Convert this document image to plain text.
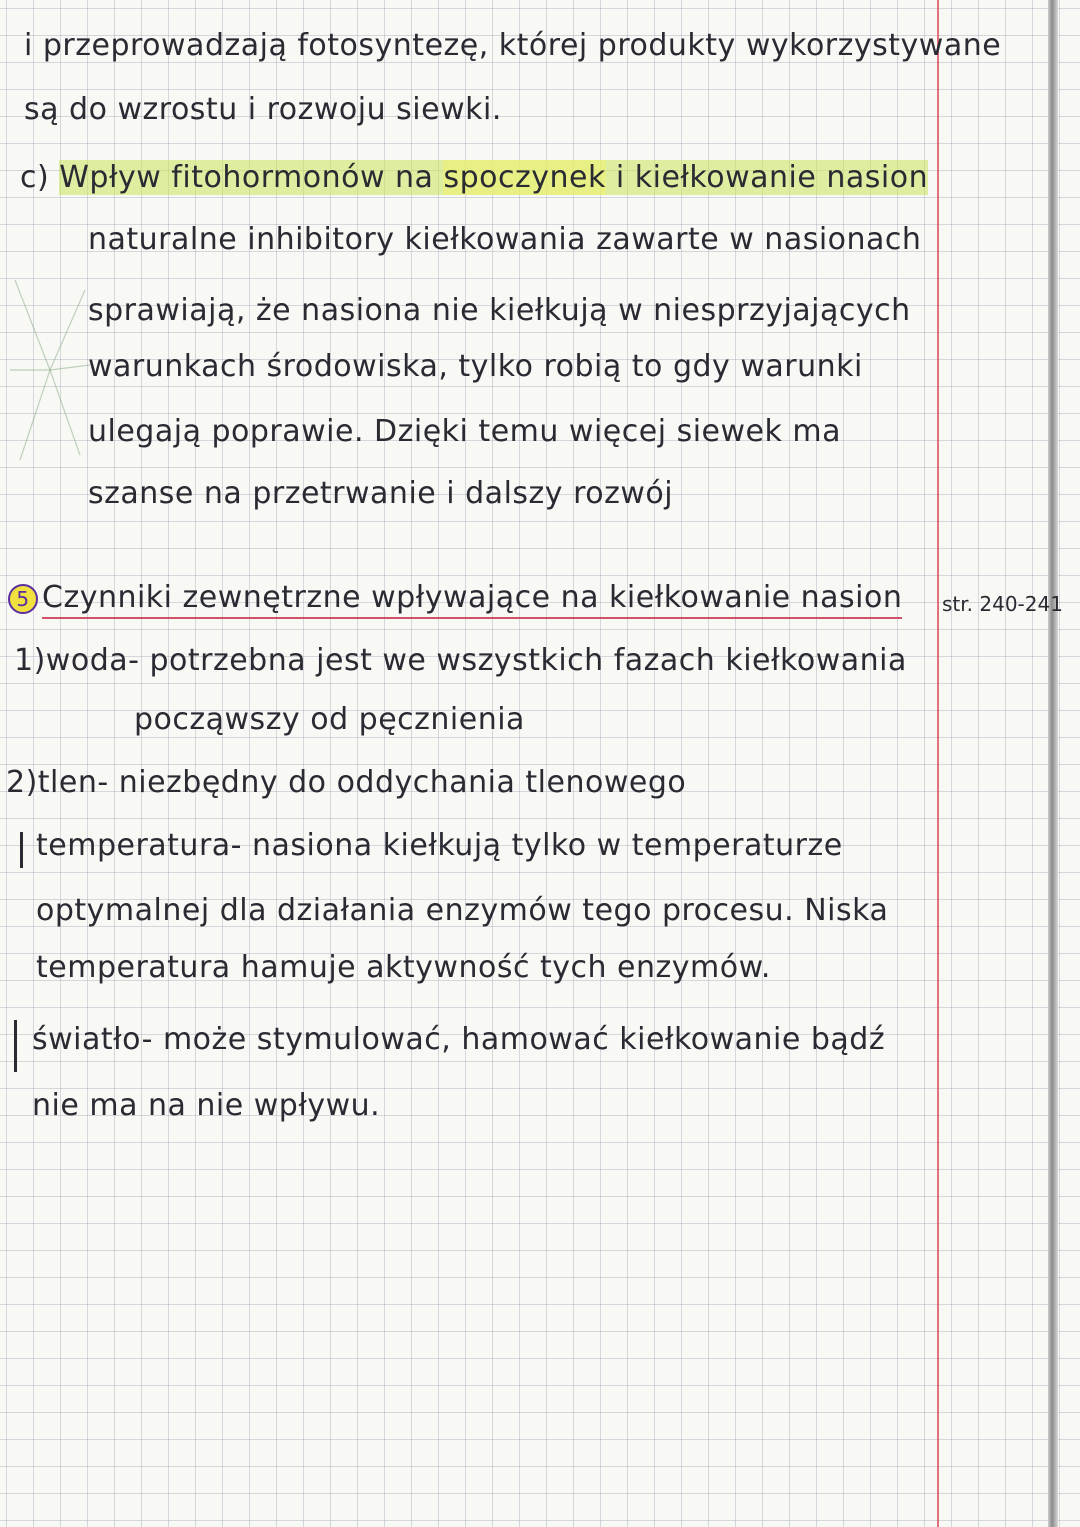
i przeprowadzają fotosyntezę, której produkty wykorzystywane
są do wzrostu i rozwoju siewki.
c) Wpływ fitohormonów na spoczynek i kiełkowanie nasion
naturalne inhibitory kiełkowania zawarte w nasionach
sprawiają, że nasiona nie kiełkują w niesprzyjających
warunkach środowiska, tylko robią to gdy warunki
ulegają poprawie. Dzięki temu więcej siewek ma
szanse na przetrwanie i dalszy rozwój
5 Czynniki zewnętrzne wpływające na kiełkowanie nasion str. 240-241
1)woda- potrzebna jest we wszystkich fazach kiełkowania
począwszy od pęcznienia
2)tlen- niezbędny do oddychania tlenowego
temperatura- nasiona kiełkują tylko w temperaturze
optymalnej dla działania enzymów tego procesu. Niska
temperatura hamuje aktywność tych enzymów.
światło- może stymulować, hamować kiełkowanie bądź
nie ma na nie wpływu.
